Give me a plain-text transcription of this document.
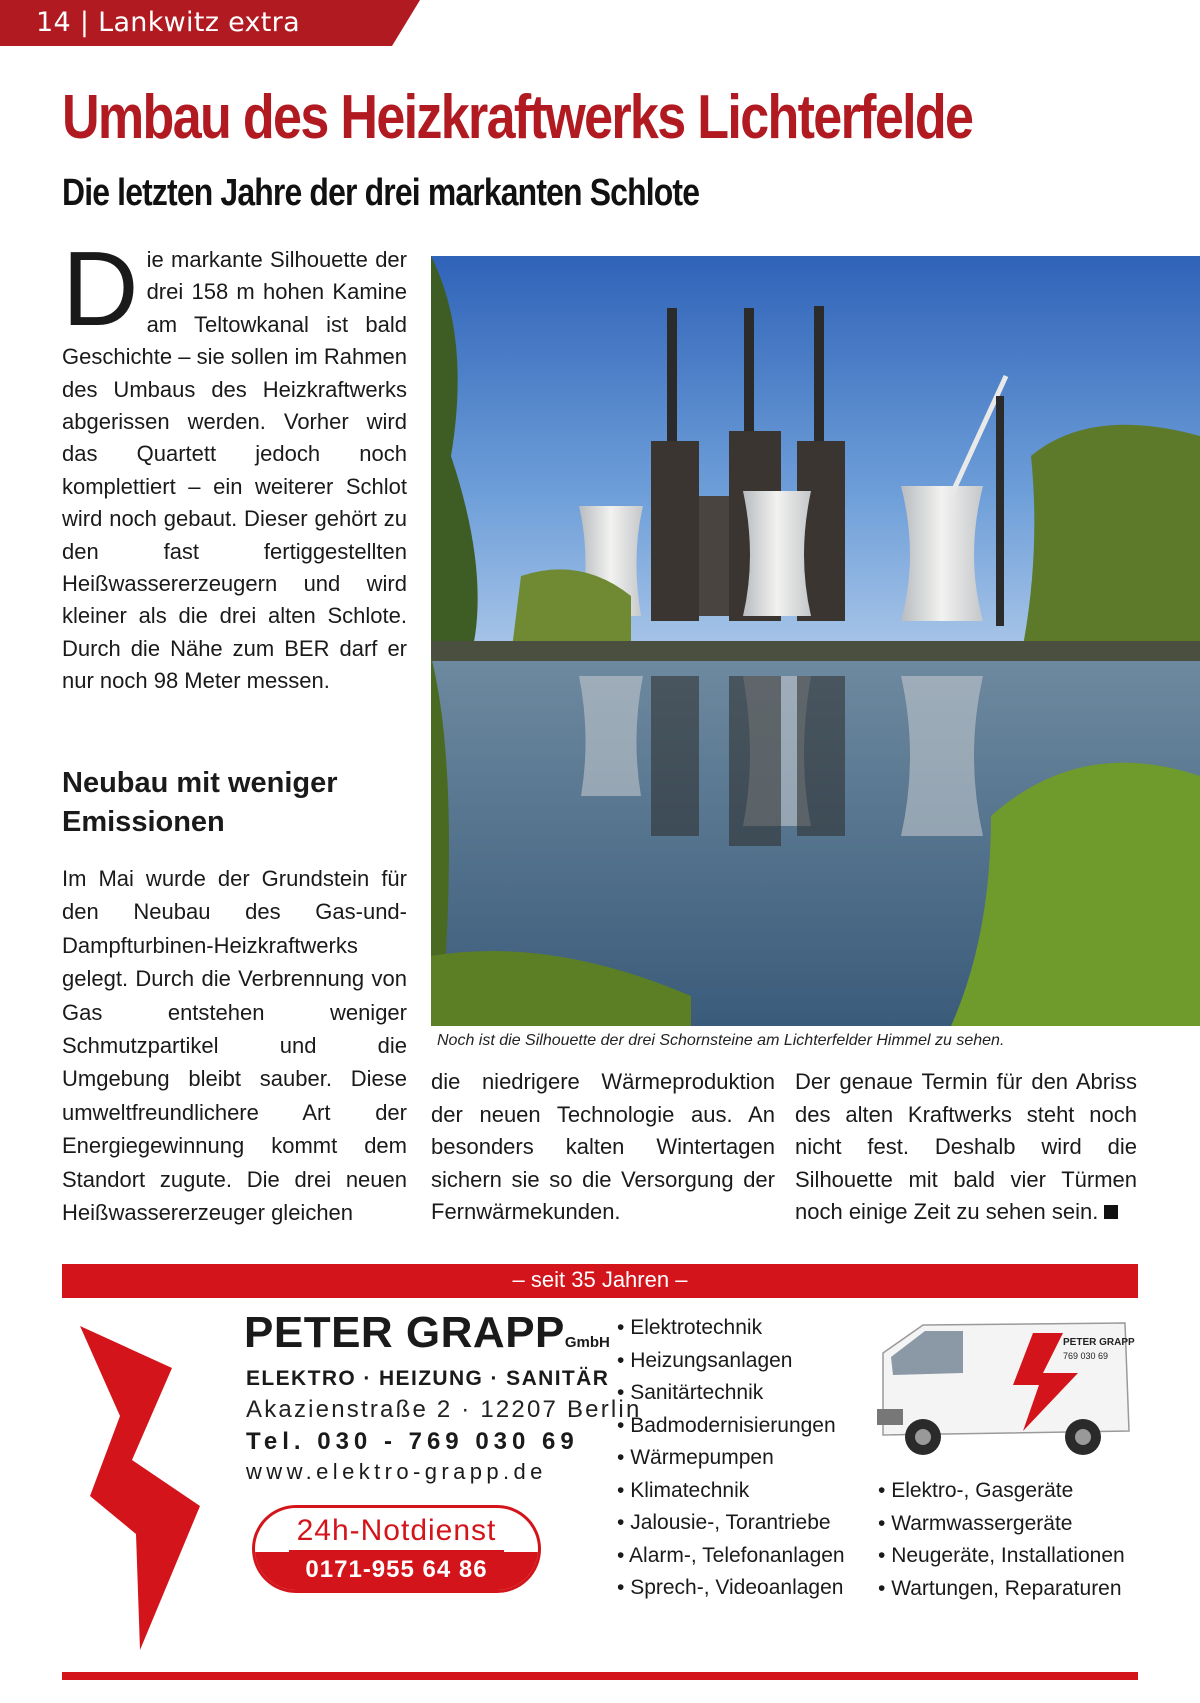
14 | Lankwitz extra
Umbau des Heizkraftwerks Lichterfelde
Die letzten Jahre der drei markanten Schlote
D ie markante Silhouette der drei 158 m hohen Kamine am Teltowkanal ist bald Geschichte – sie sollen im Rahmen des Umbaus des Heizkraftwerks abgerissen werden. Vorher wird das Quartett jedoch noch komplettiert – ein weiterer Schlot wird noch gebaut. Dieser gehört zu den fast fertiggestellten Heißwassererzeugern und wird kleiner als die drei alten Schlote. Durch die Nähe zum BER darf er nur noch 98 Meter messen.

Neubau mit weniger Emissionen
Im Mai wurde der Grundstein für den Neubau des Gas-und-Dampfturbinen-Heizkraftwerks gelegt. Durch die Verbrennung von Gas entstehen weniger Schmutzpartikel und die Umgebung bleibt sauber. Diese umweltfreundlichere Art der Energiegewinnung kommt dem Standort zugute. Die drei neuen Heißwassererzeuger gleichen
Noch ist die Silhouette der drei Schornsteine am Lichterfelder Himmel zu sehen.
die niedrigere Wärmeproduktion der neuen Technologie aus. An besonders kalten Wintertagen sichern sie so die Versorgung der Fernwärmekunden.
Der genaue Termin für den Abriss des alten Kraftwerks steht noch nicht fest. Deshalb wird die Silhouette mit bald vier Türmen noch einige Zeit zu sehen sein.
– seit 35 Jahren –
PETER GRAPPGmbH
ELEKTRO · HEIZUNG · SANITÄR
Akazienstraße 2 · 12207 Berlin
Tel. 030 - 769 030 69
www.elektro-grapp.de
24h-Notdienst
0171-955 64 86
• Elektrotechnik
• Heizungsanlagen
• Sanitärtechnik
• Badmodernisierungen
• Wärmepumpen
• Klimatechnik
• Jalousie-, Torantriebe
• Alarm-, Telefonanlagen
• Sprech-, Videoanlagen
PETER GRAPP
769 030 69
• Elektro-, Gasgeräte
• Warmwassergeräte
• Neugeräte, Installationen
• Wartungen, Reparaturen
